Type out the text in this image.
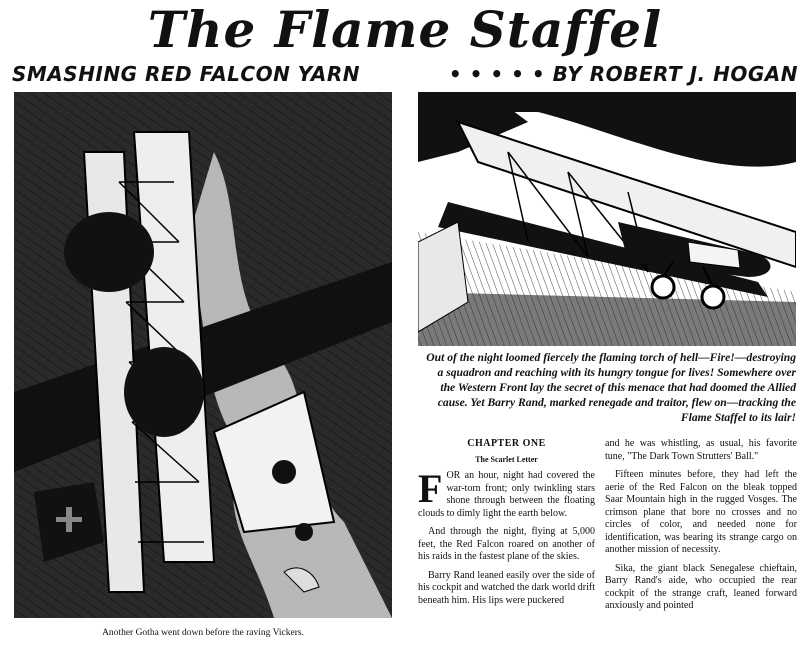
The Flame Staffel
SMASHING RED FALCON YARN	• • • • • BY ROBERT J. HOGAN
Another Gotha went down before the raving Vickers.
Out of the night loomed fiercely the flaming torch of hell—Fire!—destroying a squadron and reaching with its hungry tongue for lives! Somewhere over the Western Front lay the secret of this menace that had doomed the Allied cause. Yet Barry Rand, marked renegade and traitor, flew on—tracking the Flame Staffel to its lair!
CHAPTER ONE
The Scarlet Letter

FOR an hour, night had covered the war-torn front; only twinkling stars shone through between the floating clouds to dimly light the earth below.

And through the night, flying at 5,000 feet, the Red Falcon roared on another of his raids in the fastest plane of the skies.

Barry Rand leaned easily over the side of his cockpit and watched the dark world drift beneath him. His lips were puckered

and he was whistling, as usual, his favorite tune, "The Dark Town Strutters' Ball."

Fifteen minutes before, they had left the aerie of the Red Falcon on the bleak topped Saar Mountain high in the rugged Vosges. The crimson plane that bore no crosses and no circles of color, and needed none for identification, was bearing its strange cargo on another mission of necessity.

Sika, the giant black Senegalese chieftain, Barry Rand's aide, who occupied the rear cockpit of the strange craft, leaned forward anxiously and pointed
